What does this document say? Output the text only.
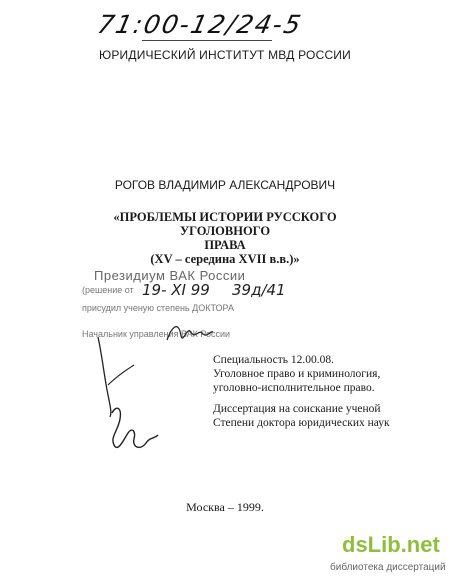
71:00-12/24-5
ЮРИДИЧЕСКИЙ ИНСТИТУТ МВД РОССИИ
РОГОВ ВЛАДИМИР АЛЕКСАНДРОВИЧ
«ПРОБЛЕМЫ ИСТОРИИ РУССКОГО УГОЛОВНОГО
ПРАВА
(XV – середина XVII в.в.)»
Президиум ВАК России
(решение от 19- XI 99 39д/41
присудил ученую степень ДОКТОРА
Начальник управления ВАК России
Специальность 12.00.08.
Уголовное право и криминология,
уголовно-исполнительное право.
Диссертация на соискание ученой
Степени доктора юридических наук
Москва – 1999.
dsLib.net
библиотека диссертаций
